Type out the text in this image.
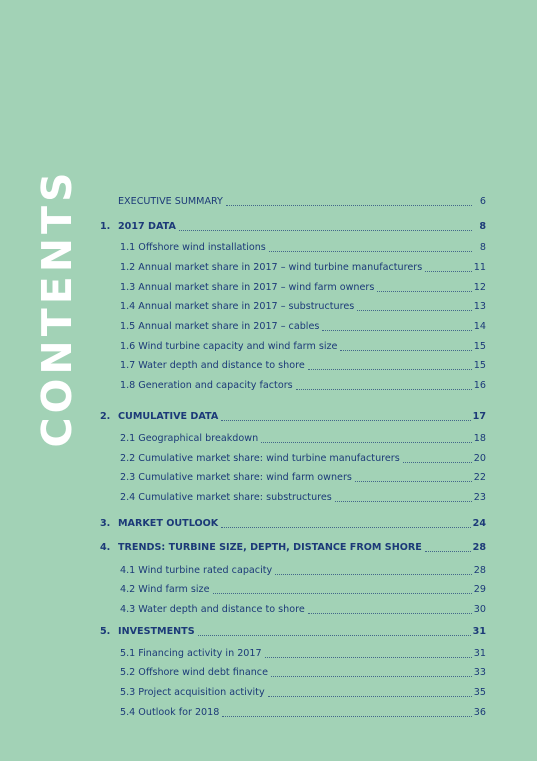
CONTENTS	EXECUTIVE SUMMARY	6
1. 2017 DATA	8
1.1 Offshore wind installations	8
1.2 Annual market share in 2017 – wind turbine manufacturers	11
1.3 Annual market share in 2017 – wind farm owners	12
1.4 Annual market share in 2017 – substructures	13
1.5 Annual market share in 2017 – cables	14
1.6 Wind turbine capacity and wind farm size	15
1.7 Water depth and distance to shore	15
1.8 Generation and capacity factors	16
2. CUMULATIVE DATA	17
2.1 Geographical breakdown	18
2.2 Cumulative market share: wind turbine manufacturers	20
2.3 Cumulative market share: wind farm owners	22
2.4 Cumulative market share: substructures	23
3. MARKET OUTLOOK	24
4. TRENDS: TURBINE SIZE, DEPTH, DISTANCE FROM SHORE	28
4.1 Wind turbine rated capacity	28
4.2 Wind farm size	29
4.3 Water depth and distance to shore	30
5. INVESTMENTS	31
5.1 Financing activity in 2017	31
5.2 Offshore wind debt finance	33
5.3 Project acquisition activity	35
5.4 Outlook for 2018	36
